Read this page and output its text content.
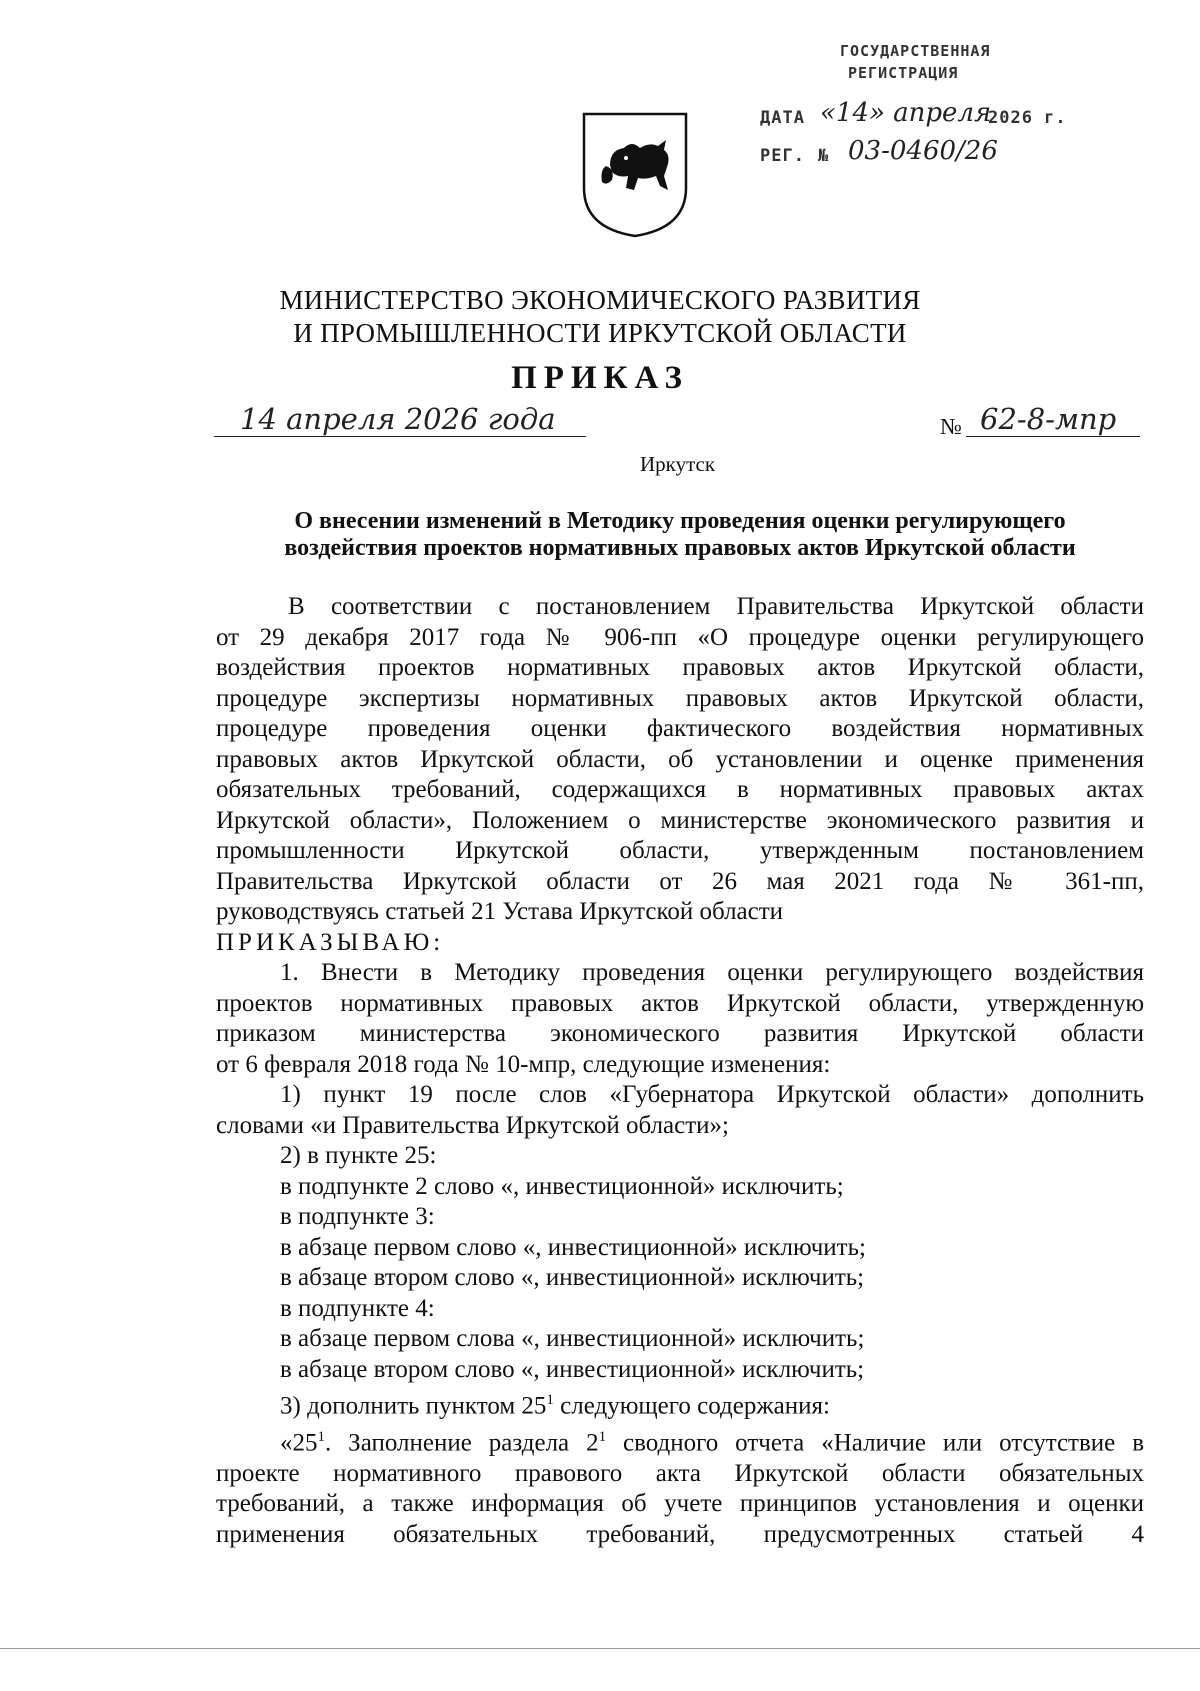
ГОСУДАРСТВЕННАЯ
РЕГИСТРАЦИЯ
ДАТА «14» апреля
2026 г.
РЕГ. № 03-0460/26
МИНИСТЕРСТВО ЭКОНОМИЧЕСКОГО РАЗВИТИЯ
И ПРОМЫШЛЕННОСТИ ИРКУТСКОЙ ОБЛАСТИ
ПРИКАЗ
14 апреля 2026 года	№ 62-8-мпр
Иркутск
О внесении изменений в Методику проведения оценки регулирующего
воздействия проектов нормативных правовых актов Иркутской области

В соответствии с постановлением Правительства Иркутской области

от 29 декабря 2017 года № 906-пп «О процедуре оценки регулирующего

воздействия проектов нормативных правовых актов Иркутской области,

процедуре экспертизы нормативных правовых актов Иркутской области,

процедуре проведения оценки фактического воздействия нормативных

правовых актов Иркутской области, об установлении и оценке применения

обязательных требований, содержащихся в нормативных правовых актах

Иркутской области», Положением о министерстве экономического развития и

промышленности Иркутской области, утвержденным постановлением

Правительства Иркутской области от 26 мая 2021 года № 361-пп,

руководствуясь статьей 21 Устава Иркутской области

ПРИКАЗЫВАЮ:

1. Внести в Методику проведения оценки регулирующего воздействия

проектов нормативных правовых актов Иркутской области, утвержденную

приказом министерства экономического развития Иркутской области

от 6 февраля 2018 года № 10-мпр, следующие изменения:

1) пункт 19 после слов «Губернатора Иркутской области» дополнить

словами «и Правительства Иркутской области»;

2) в пункте 25:

в подпункте 2 слово «, инвестиционной» исключить;

в подпункте 3:

в абзаце первом слово «, инвестиционной» исключить;

в абзаце втором слово «, инвестиционной» исключить;

в подпункте 4:

в абзаце первом слова «, инвестиционной» исключить;

в абзаце втором слово «, инвестиционной» исключить;

3) дополнить пунктом $25^1$ следующего содержания:

«$25^1$. Заполнение раздела $2^1$ сводного отчета «Наличие или отсутствие в

проекте нормативного правового акта Иркутской области обязательных

требований, а также информация об учете принципов установления и оценки

применения обязательных требований, предусмотренных статьей 4
